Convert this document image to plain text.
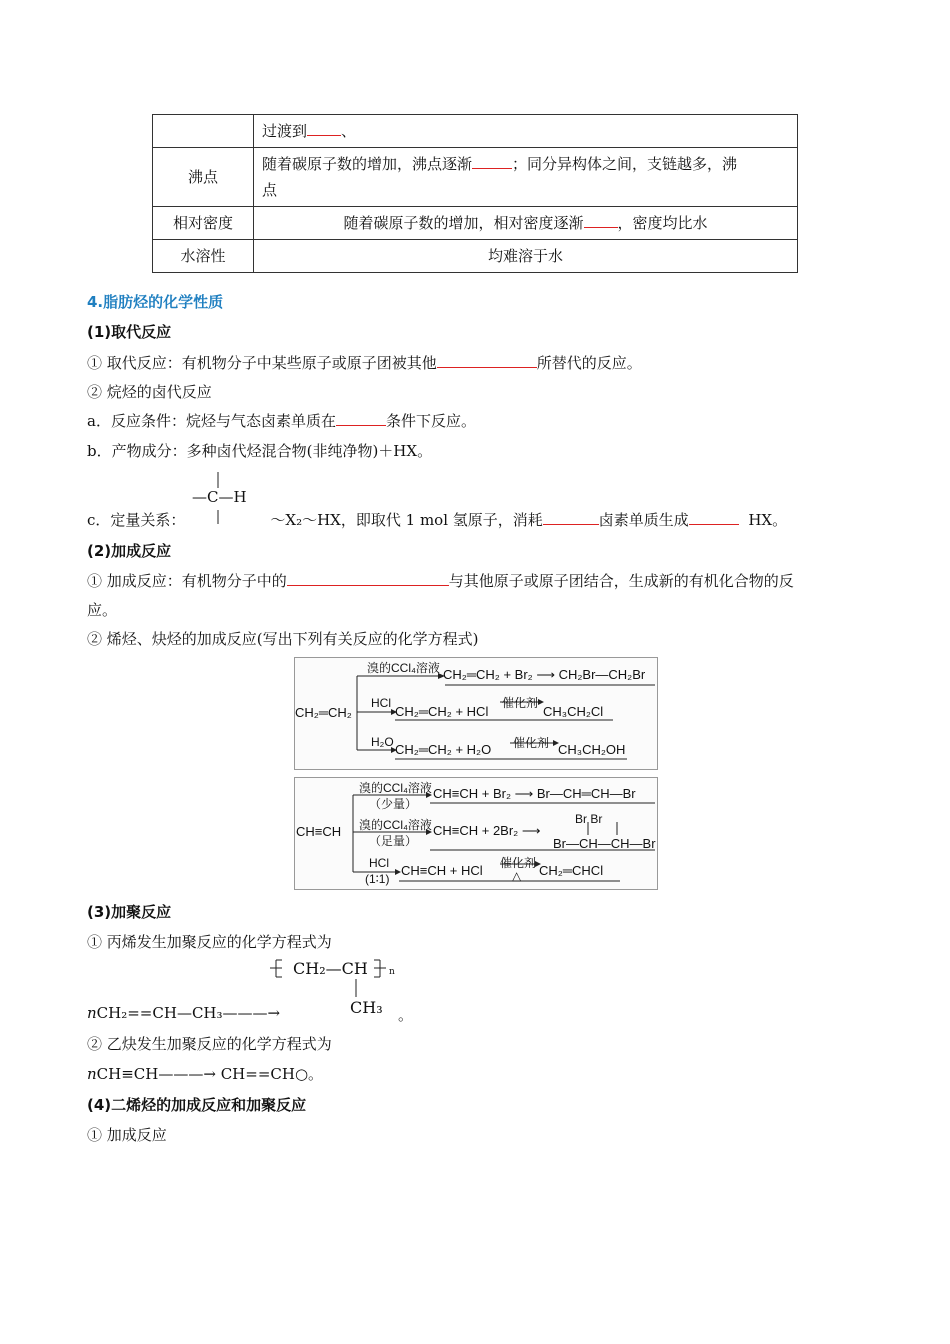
	过渡到 、
沸点	随着碳原子数的增加，沸点逐渐 ；同分异构体之间，支链越多，沸
点
相对密度	随着碳原子数的增加，相对密度逐渐 ，密度均比水
水溶性	均难溶于水
4.脂肪烃的化学性质
(1)取代反应
① 取代反应：有机物分子中某些原子或原子团被其他	所替代的反应。
② 烷烃的卤代反应
a．反应条件：烷烃与气态卤素单质在	条件下反应。
b．产物成分：多种卤代烃混合物(非纯净物)＋HX。
—C—H
c．定量关系：	～X₂～HX，即取代 1 mol 氢原子，消耗	卤素单质生成	HX。
(2)加成反应
① 加成反应：有机物分子中的	与其他原子或原子团结合，生成新的有机化合物的反
应。
② 烯烃、炔烃的加成反应(写出下列有关反应的化学方程式)
CH₂═CH₂
溴的CCl₄溶液 CH₂═CH₂ + Br₂ ⟶ CH₂Br—CH₂Br
HCl
CH₂═CH₂ + HCl
催化剂
CH₃CH₂Cl
H₂O CH₂═CH₂ + H₂O 催化剂 CH₃CH₂OH
CH≡CH
溴的CCl₄溶液
（少量）
CH≡CH + Br₂ ⟶ Br—CH═CH—Br
溴的CCl₄溶液
（足量）
CH≡CH + 2Br₂ ⟶
Br Br
Br—CH—CH—Br
HCl
(1∶1)
CH≡CH + HCl 催化剂
△ CH₂═CHCl
(3)加聚反应
① 丙烯发生加聚反应的化学方程式为
CH₂—CH n
CH₃
nCH₂==CH—CH₃———→	。
② 乙炔发生加聚反应的化学方程式为
nCH≡CH———→ CH==CH○。
(4)二烯烃的加成反应和加聚反应
① 加成反应
